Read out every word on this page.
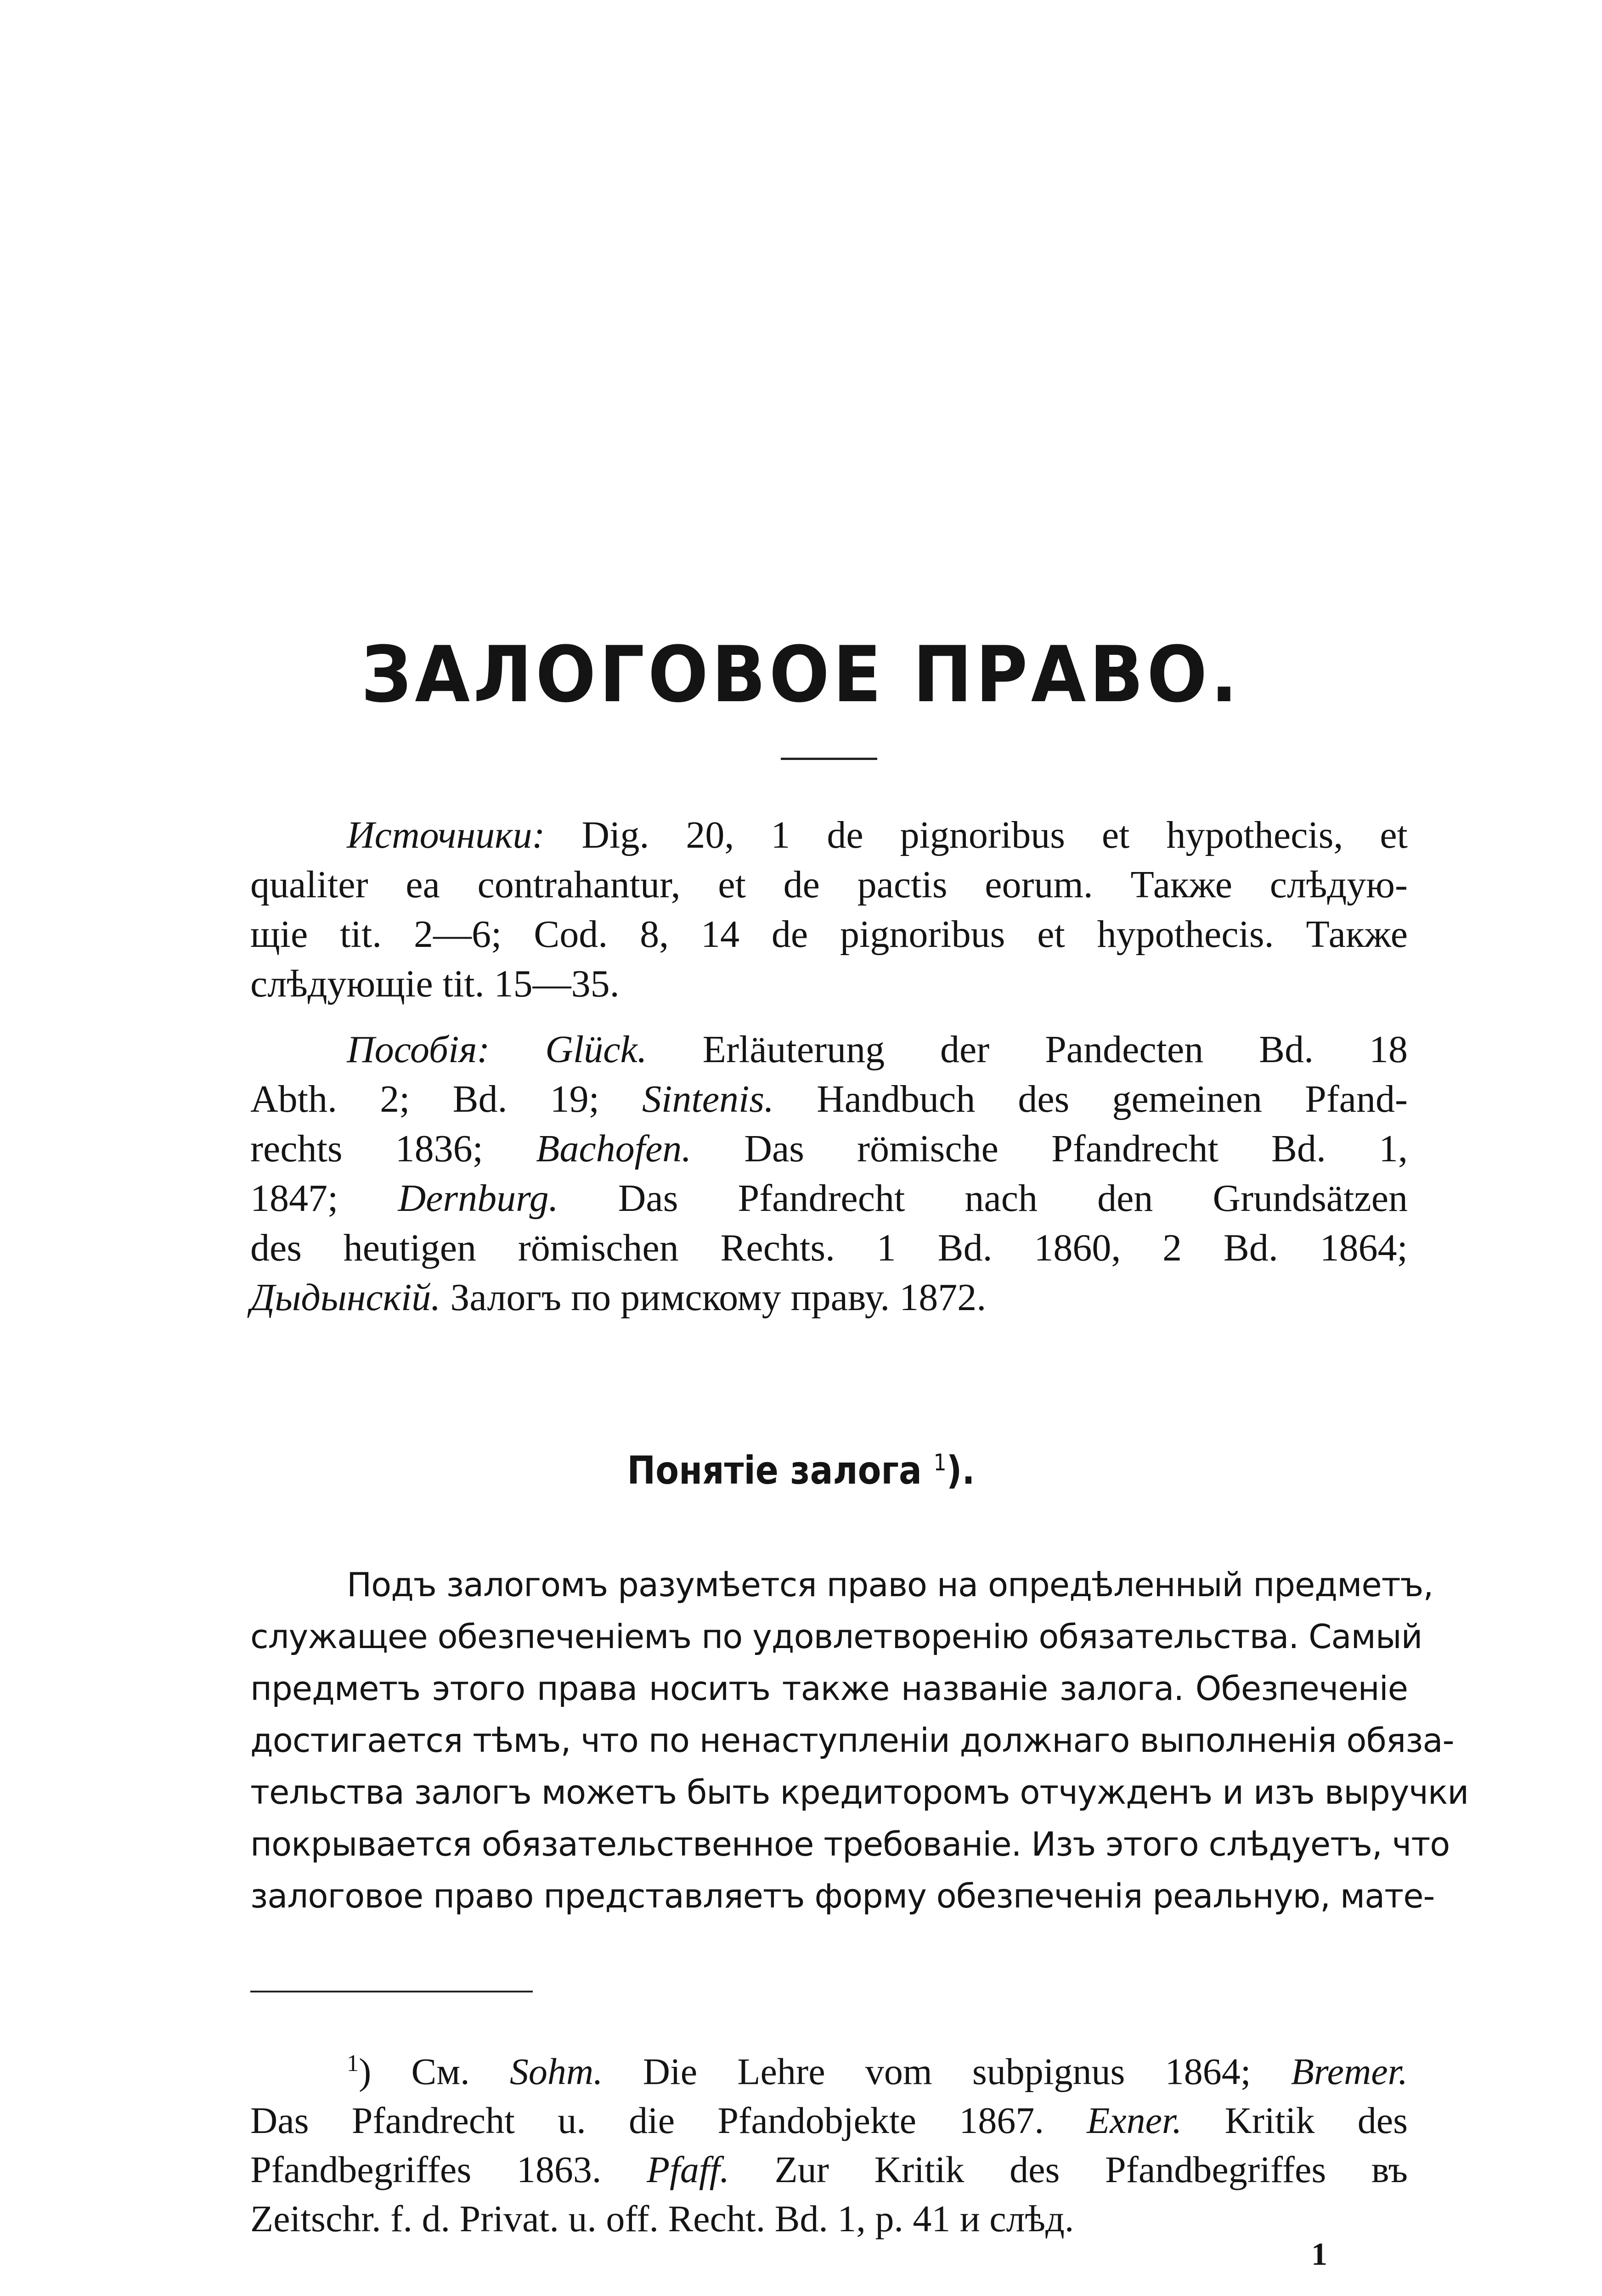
ЗАЛОГОВОЕ ПРАВО.
Источники: Dig. 20, 1 de pignoribus et hypothecis, et
qualiter ea contrahantur, et de pactis eorum. Также слѣдую-
щіе tit. 2—6; Cod. 8, 14 de pignoribus et hypothecis. Также
слѣдующіе tit. 15—35.
Пособія: Glück. Erläuterung der Pandecten Bd. 18
Abth. 2; Bd. 19; Sintenis. Handbuch des gemeinen Pfand-
rechts 1836; Bachofen. Das römische Pfandrecht Bd. 1,
1847; Dernburg. Das Pfandrecht nach den Grundsätzen
des heutigen römischen Rechts. 1 Bd. 1860, 2 Bd. 1864;
Дыдынскій. Залогъ по римскому праву. 1872.
Понятіе залога $^1$).
Подъ залогомъ разумѣется право на опредѣленный предметъ,
служащее обезпеченіемъ по удовлетворенію обязательства. Самый
предметъ этого права носитъ также названіе залога. Обезпеченіе
достигается тѣмъ, что по ненаступленіи должнаго выполненія обяза-
тельства залогъ можетъ быть кредиторомъ отчужденъ и изъ выручки
покрывается обязательственное требованіе. Изъ этого слѣдуетъ, что
залоговое право представляетъ форму обезпеченія реальную, мате-
$^1$) См. Sohm. Die Lehre vom subpignus 1864; Bremer.
Das Pfandrecht u. die Pfandobjekte 1867. Exner. Kritik des
Pfandbegriffes 1863. Pfaff. Zur Kritik des Pfandbegriffes въ
Zeitschr. f. d. Privat. u. off. Recht. Bd. 1, p. 41 и слѣд.
1
